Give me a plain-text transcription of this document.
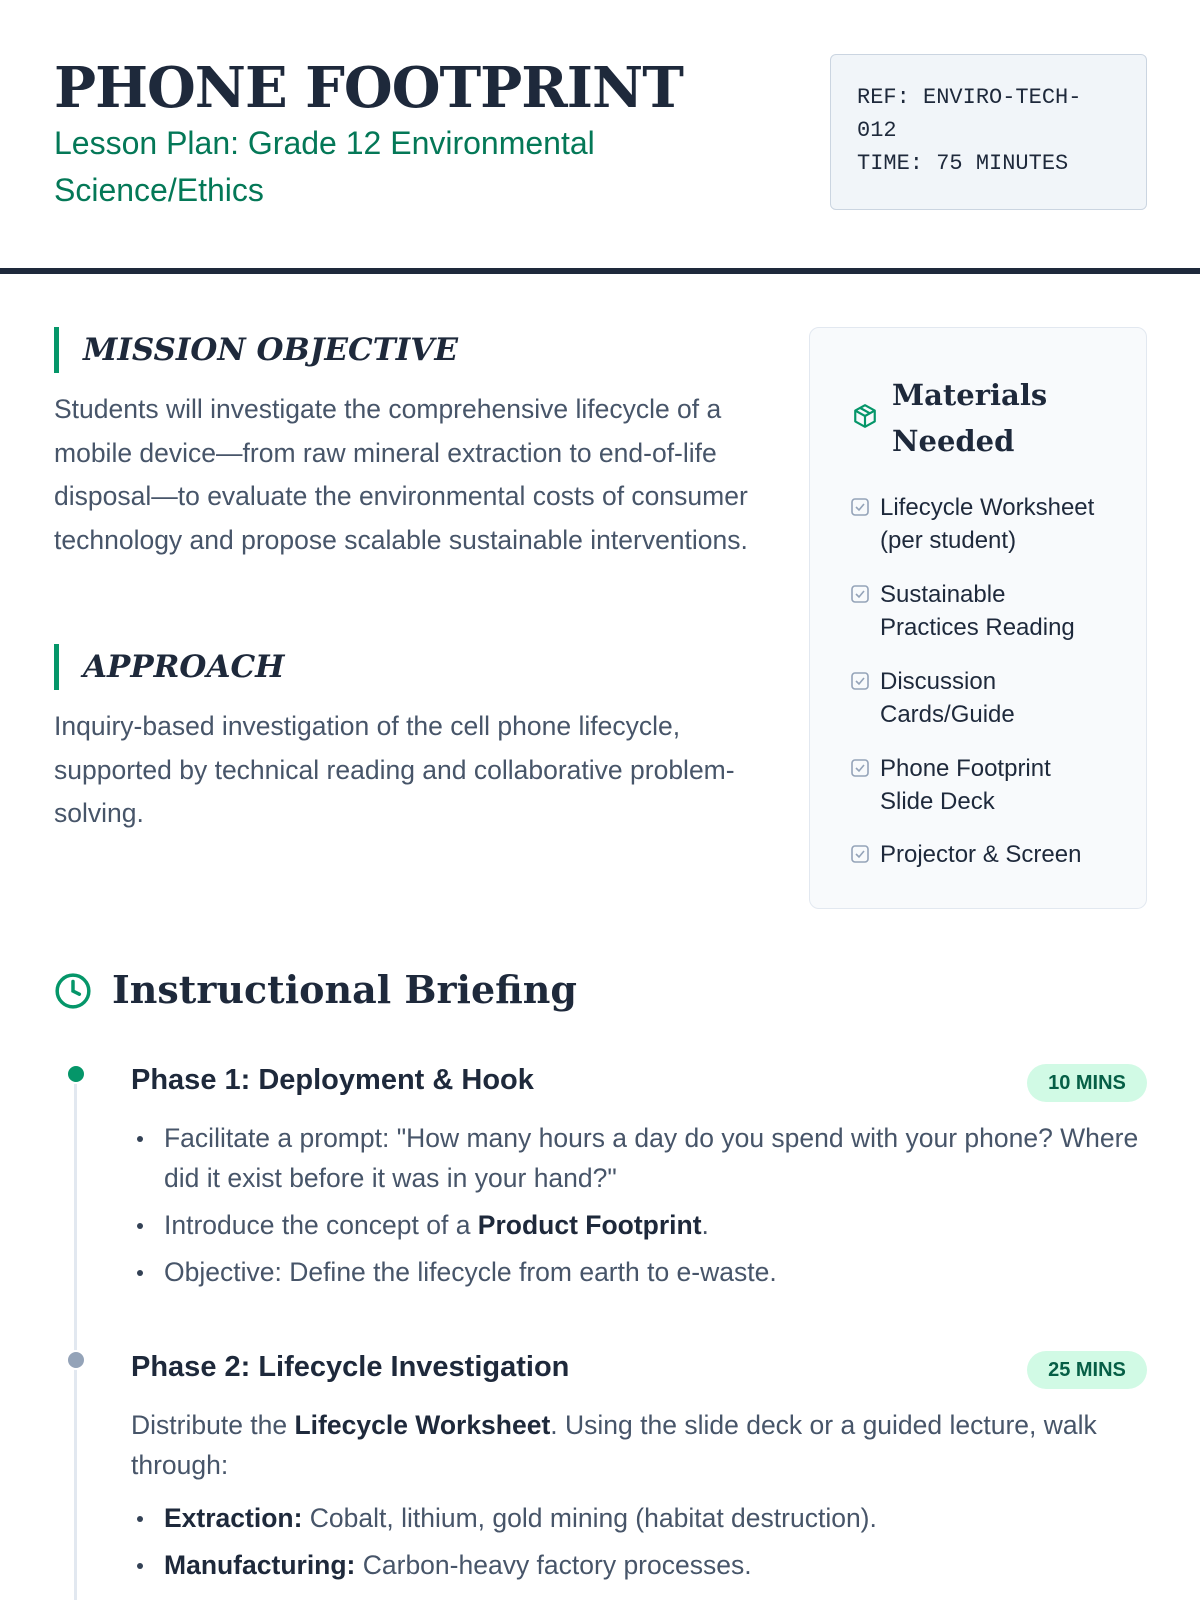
PHONE FOOTPRINT
Lesson Plan: Grade 12 Environmental Science/Ethics
REF: ENVIRO-TECH-012
TIME: 75 MINUTES
MISSION OBJECTIVE
Students will investigate the comprehensive lifecycle of a mobile device—from raw mineral extraction to end-of-life disposal—to evaluate the environmental costs of consumer technology and propose scalable sustainable interventions.
APPROACH
Inquiry-based investigation of the cell phone lifecycle, supported by technical reading and collaborative problem-solving.
Materials Needed
Lifecycle Worksheet (per student)
Sustainable Practices Reading
Discussion Cards/Guide
Phone Footprint Slide Deck
Projector & Screen
Instructional Briefing
Phase 1: Deployment & Hook	10 MINS
Facilitate a prompt: "How many hours a day do you spend with your phone? Where did it exist before it was in your hand?"
Introduce the concept of a Product Footprint.
Objective: Define the lifecycle from earth to e-waste.
Phase 2: Lifecycle Investigation	25 MINS
Distribute the Lifecycle Worksheet. Using the slide deck or a guided lecture, walk through:
Extraction: Cobalt, lithium, gold mining (habitat destruction).
Manufacturing: Carbon-heavy factory processes.
